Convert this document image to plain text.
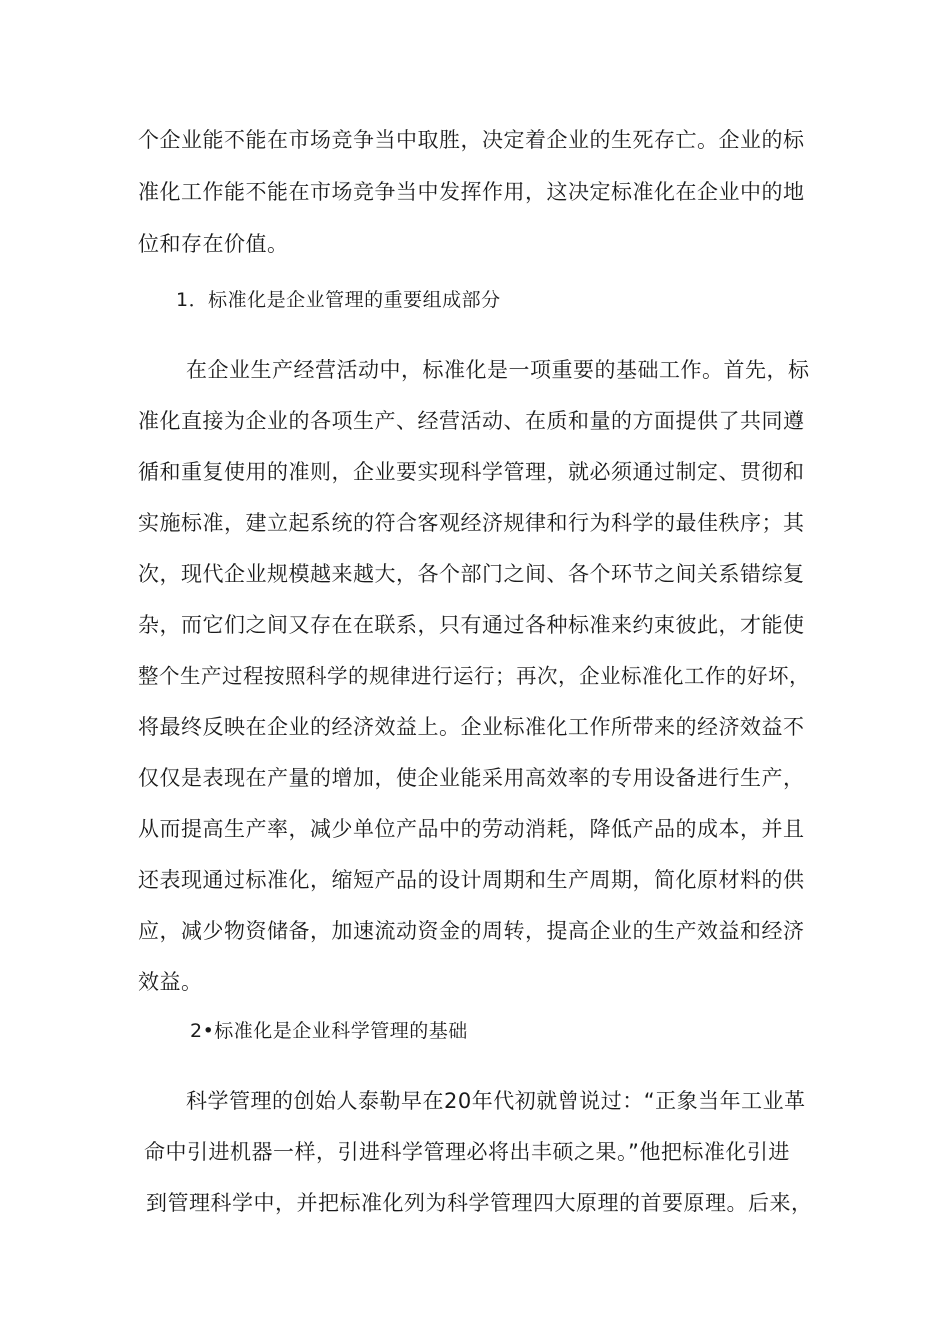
个企业能不能在市场竞争当中取胜，决定着企业的生死存亡。企业的标
准化工作能不能在市场竞争当中发挥作用，这决定标准化在企业中的地
位和存在价值。
1．标准化是企业管理的重要组成部分
在企业生产经营活动中，标准化是一项重要的基础工作。首先，标
准化直接为企业的各项生产、经营活动、在质和量的方面提供了共同遵
循和重复使用的准则，企业要实现科学管理，就必须通过制定、贯彻和
实施标准，建立起系统的符合客观经济规律和行为科学的最佳秩序；其
次，现代企业规模越来越大，各个部门之间、各个环节之间关系错综复
杂，而它们之间又存在在联系，只有通过各种标准来约束彼此，才能使
整个生产过程按照科学的规律进行运行；再次，企业标准化工作的好坏，
将最终反映在企业的经济效益上。企业标准化工作所带来的经济效益不
仅仅是表现在产量的增加，使企业能采用高效率的专用设备进行生产，
从而提高生产率，减少单位产品中的劳动消耗，降低产品的成本，并且
还表现通过标准化，缩短产品的设计周期和生产周期，简化原材料的供
应，减少物资储备，加速流动资金的周转，提高企业的生产效益和经济
效益。
2•标准化是企业科学管理的基础
科学管理的创始人泰勒早在20年代初就曾说过：“正象当年工业革
命中引进机器一样，引进科学管理必将出丰硕之果。”他把标准化引进
到管理科学中，并把标准化列为科学管理四大原理的首要原理。后来，
